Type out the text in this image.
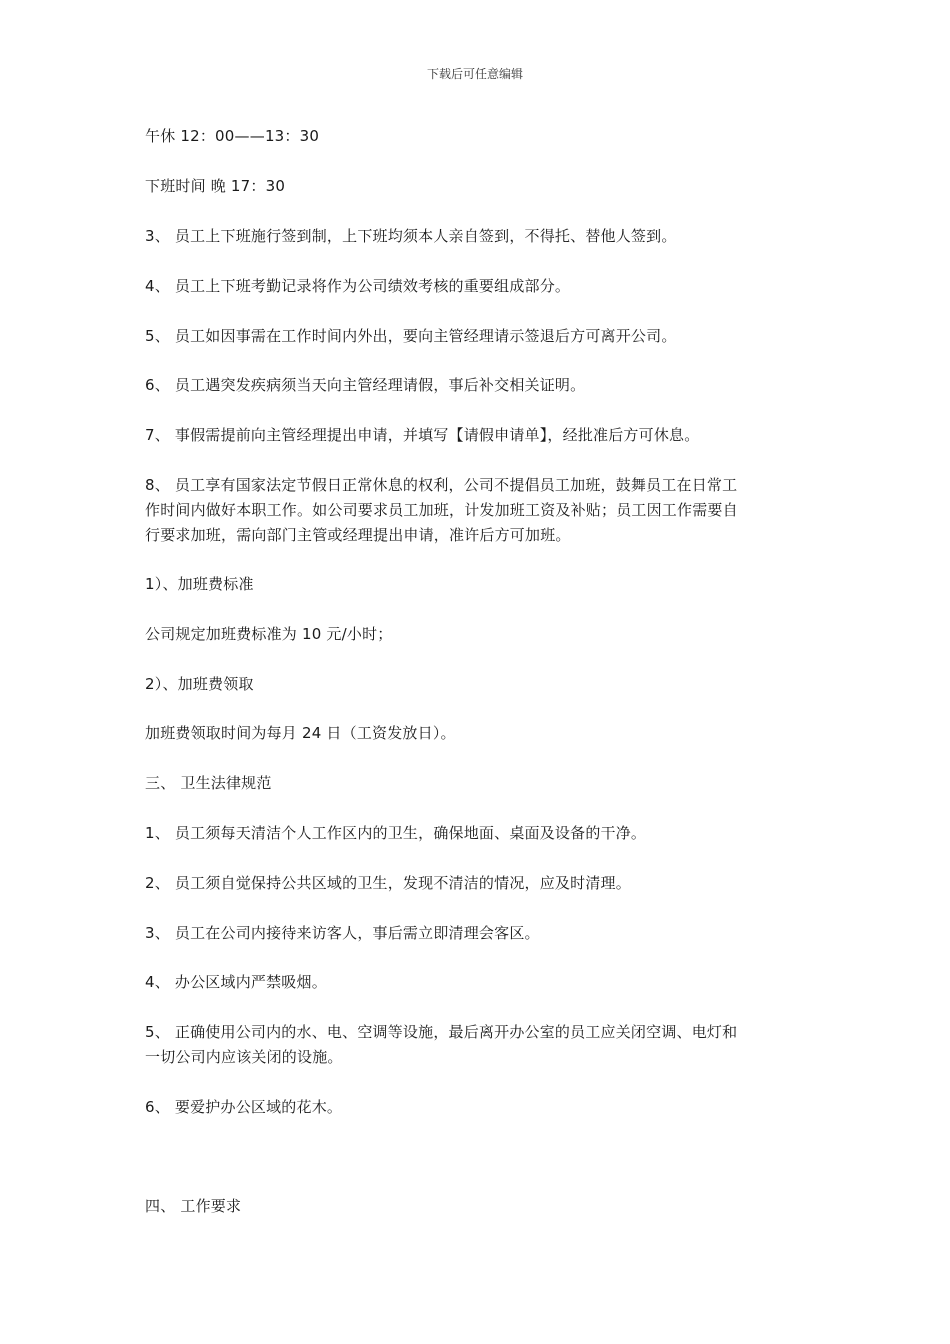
下载后可任意编辑
午休 12：00——13：30
下班时间 晚 17：30
3、 员工上下班施行签到制，上下班均须本人亲自签到，不得托、替他人签到。
4、 员工上下班考勤记录将作为公司绩效考核的重要组成部分。
5、 员工如因事需在工作时间内外出，要向主管经理请示签退后方可离开公司。
6、 员工遇突发疾病须当天向主管经理请假，事后补交相关证明。
7、 事假需提前向主管经理提出申请，并填写【请假申请单】，经批准后方可休息。
8、 员工享有国家法定节假日正常休息的权利，公司不提倡员工加班，鼓舞员工在日常工
作时间内做好本职工作。如公司要求员工加班，计发加班工资及补贴；员工因工作需要自
行要求加班，需向部门主管或经理提出申请，准许后方可加班。
1）、加班费标准
公司规定加班费标准为 10 元/小时；
2）、加班费领取
加班费领取时间为每月 24 日（工资发放日）。
三、 卫生法律规范
1、 员工须每天清洁个人工作区内的卫生，确保地面、桌面及设备的干净。
2、 员工须自觉保持公共区域的卫生，发现不清洁的情况，应及时清理。
3、 员工在公司内接待来访客人，事后需立即清理会客区。
4、 办公区域内严禁吸烟。
5、 正确使用公司内的水、电、空调等设施，最后离开办公室的员工应关闭空调、电灯和
一切公司内应该关闭的设施。
6、 要爱护办公区域的花木。
四、 工作要求
